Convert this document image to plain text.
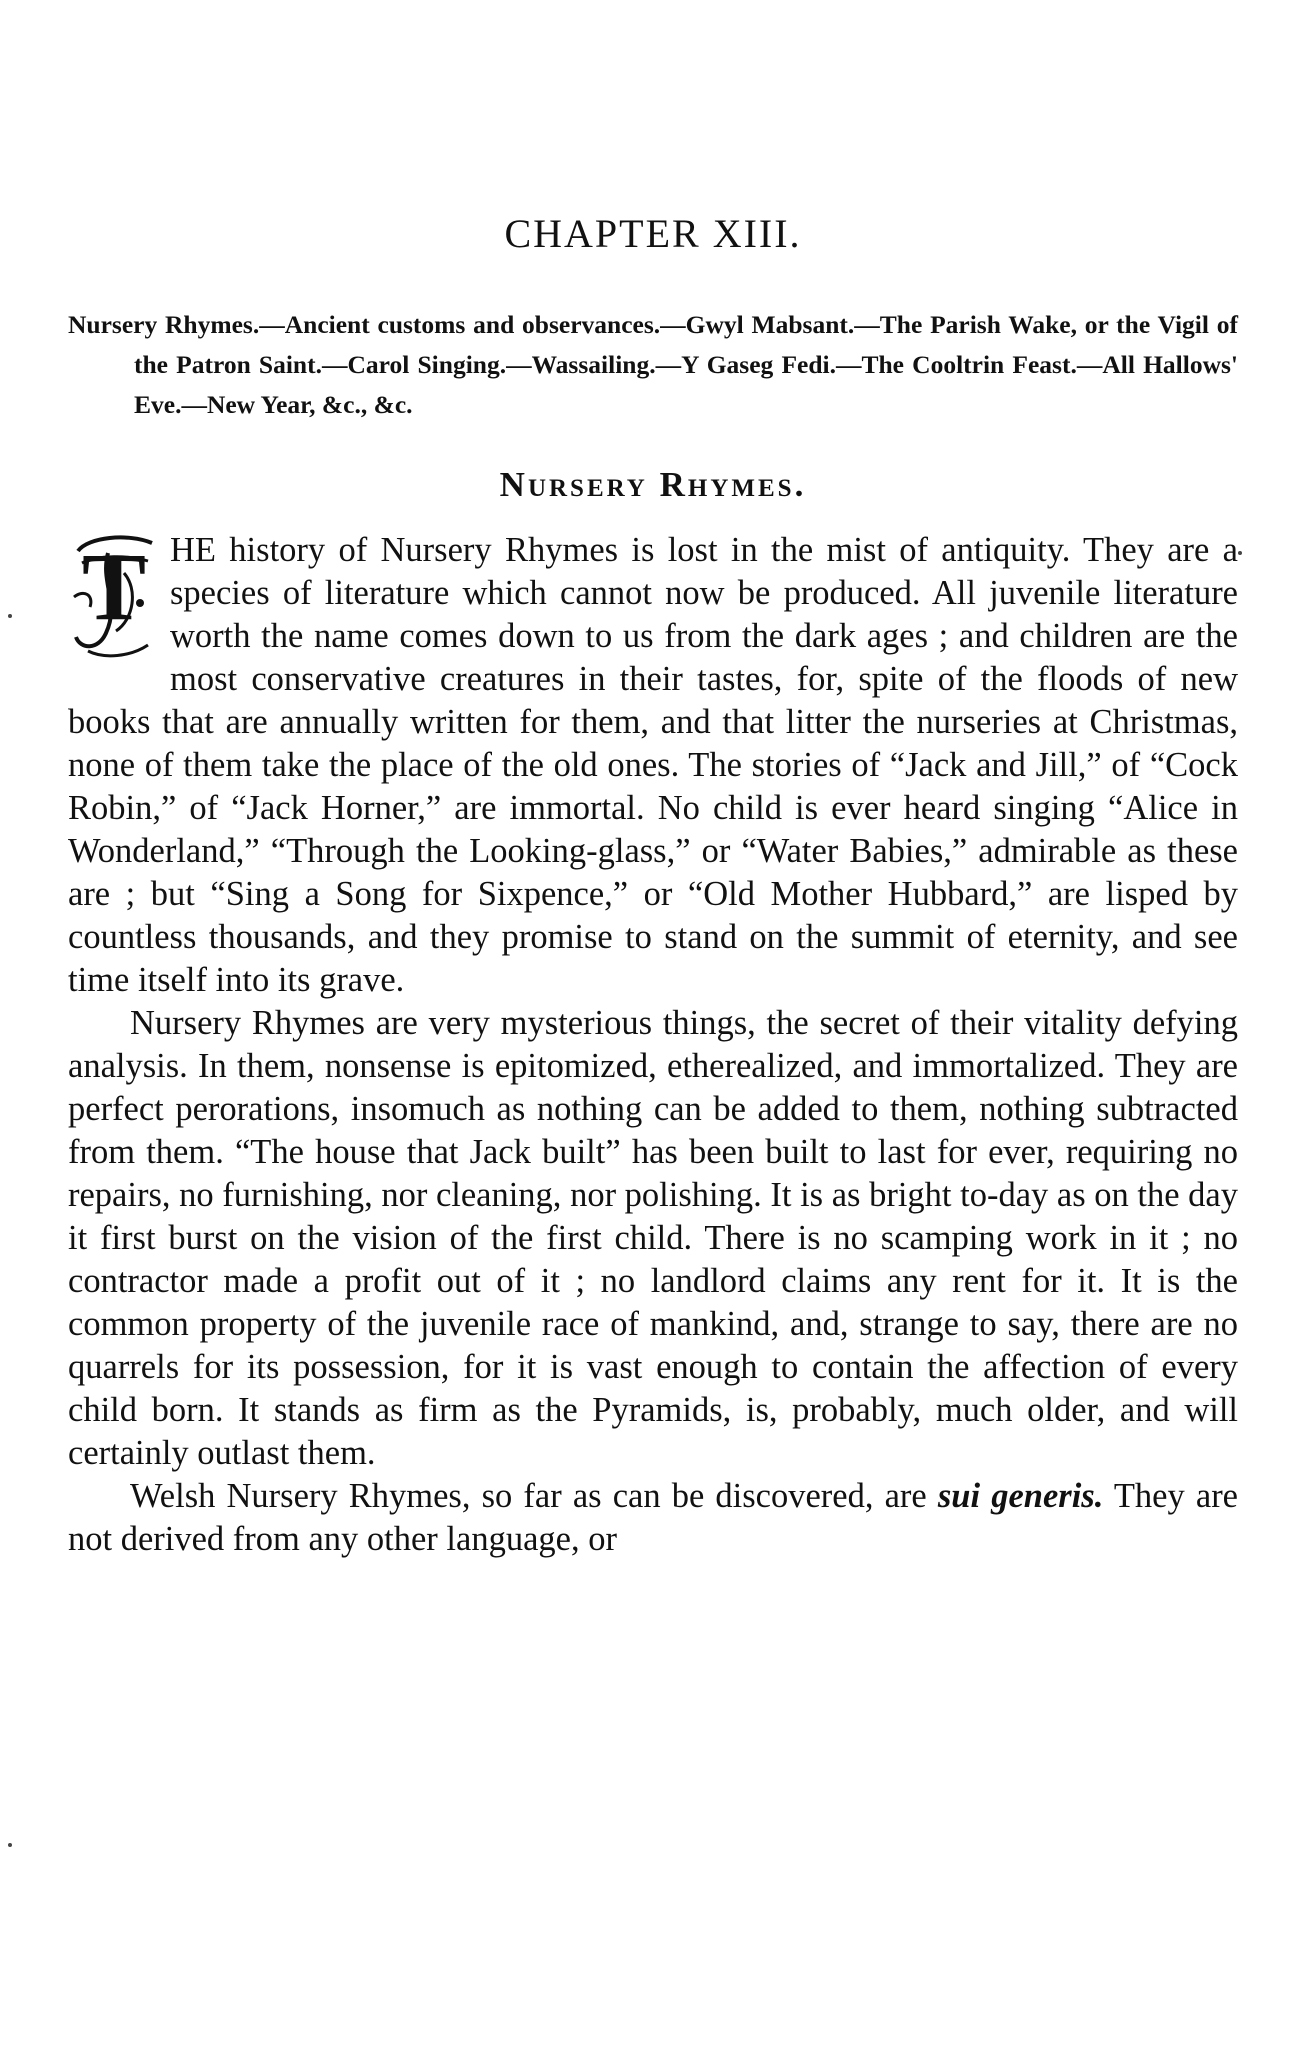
CHAPTER XIII.

Nursery Rhymes.—Ancient customs and observances.—Gwyl Mabsant.—The Parish Wake, or the Vigil of the Patron Saint.—Carol Singing.—Wassailing.—Y Gaseg Fedi.—The Cooltrin Feast.—All Hallows' Eve.—New Year, &c., &c.

Nursery Rhymes.

T HE history of Nursery Rhymes is lost in the mist of antiquity. They are a species of literature which cannot now be produced. All juvenile literature worth the name comes down to us from the dark ages ; and children are the most conservative creatures in their tastes, for, spite of the floods of new books that are annually written for them, and that litter the nurseries at Christmas, none of them take the place of the old ones. The stories of “Jack and Jill,” of “Cock Robin,” of “Jack Horner,” are immortal. No child is ever heard singing “Alice in Wonderland,” “Through the Looking-glass,” or “Water Babies,” admirable as these are ; but “Sing a Song for Sixpence,” or “Old Mother Hubbard,” are lisped by countless thousands, and they promise to stand on the summit of eternity, and see time itself into its grave.

Nursery Rhymes are very mysterious things, the secret of their vitality defying analysis. In them, nonsense is epitomized, etherealized, and immortalized. They are perfect perorations, insomuch as nothing can be added to them, nothing subtracted from them. “The house that Jack built” has been built to last for ever, requiring no repairs, no furnishing, nor cleaning, nor polishing. It is as bright to-day as on the day it first burst on the vision of the first child. There is no scamping work in it ; no contractor made a profit out of it ; no landlord claims any rent for it. It is the common property of the juvenile race of mankind, and, strange to say, there are no quarrels for its possession, for it is vast enough to contain the affection of every child born. It stands as firm as the Pyramids, is, probably, much older, and will certainly outlast them.

Welsh Nursery Rhymes, so far as can be discovered, are sui generis. They are not derived from any other language, or
